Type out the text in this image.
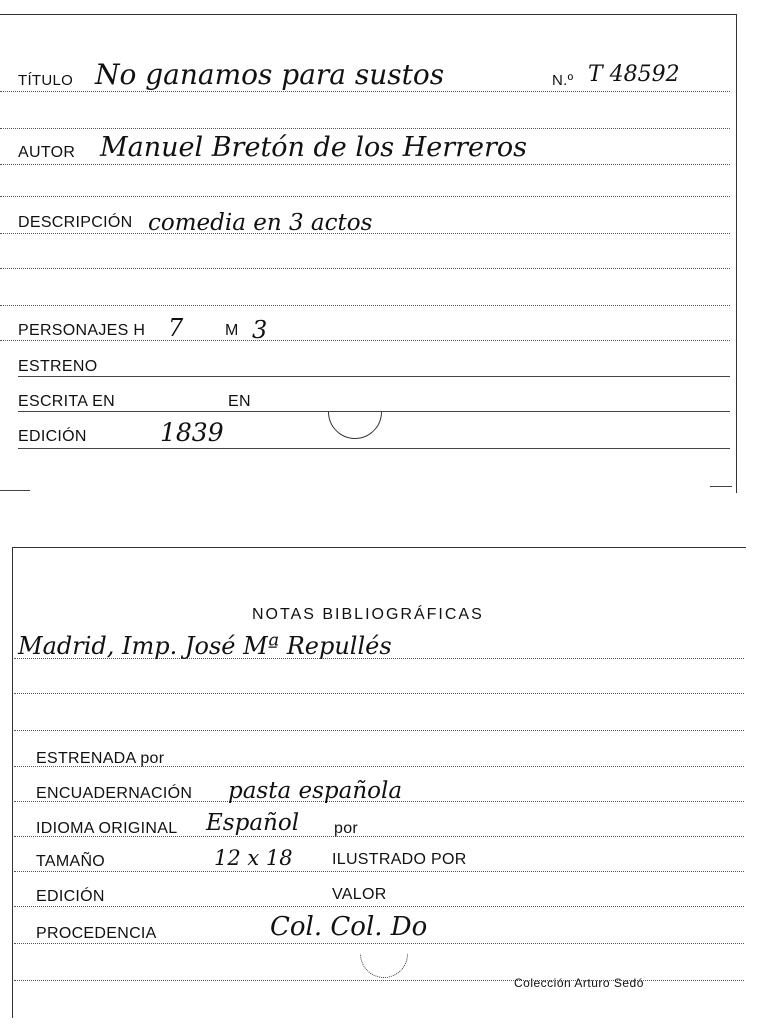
TÍTULO No ganamos para sustos	N.º T 48592
AUTOR Manuel Bretón de los Herreros
DESCRIPCIÓN comedia en 3 actos
PERSONAJES H 7	M 3
ESTRENO
ESCRITA EN	EN
EDICIÓN	1839
NOTAS BIBLIOGRÁFICAS
Madrid, Imp. José Mª Repullés
ESTRENADA por
ENCUADERNACIÓN pasta española
IDIOMA ORIGINAL Español por
TAMAÑO	12 x 18 ILUSTRADO POR
EDICIÓN	VALOR
PROCEDENCIA	Col. Col. Do
Colección Arturo Sedó
